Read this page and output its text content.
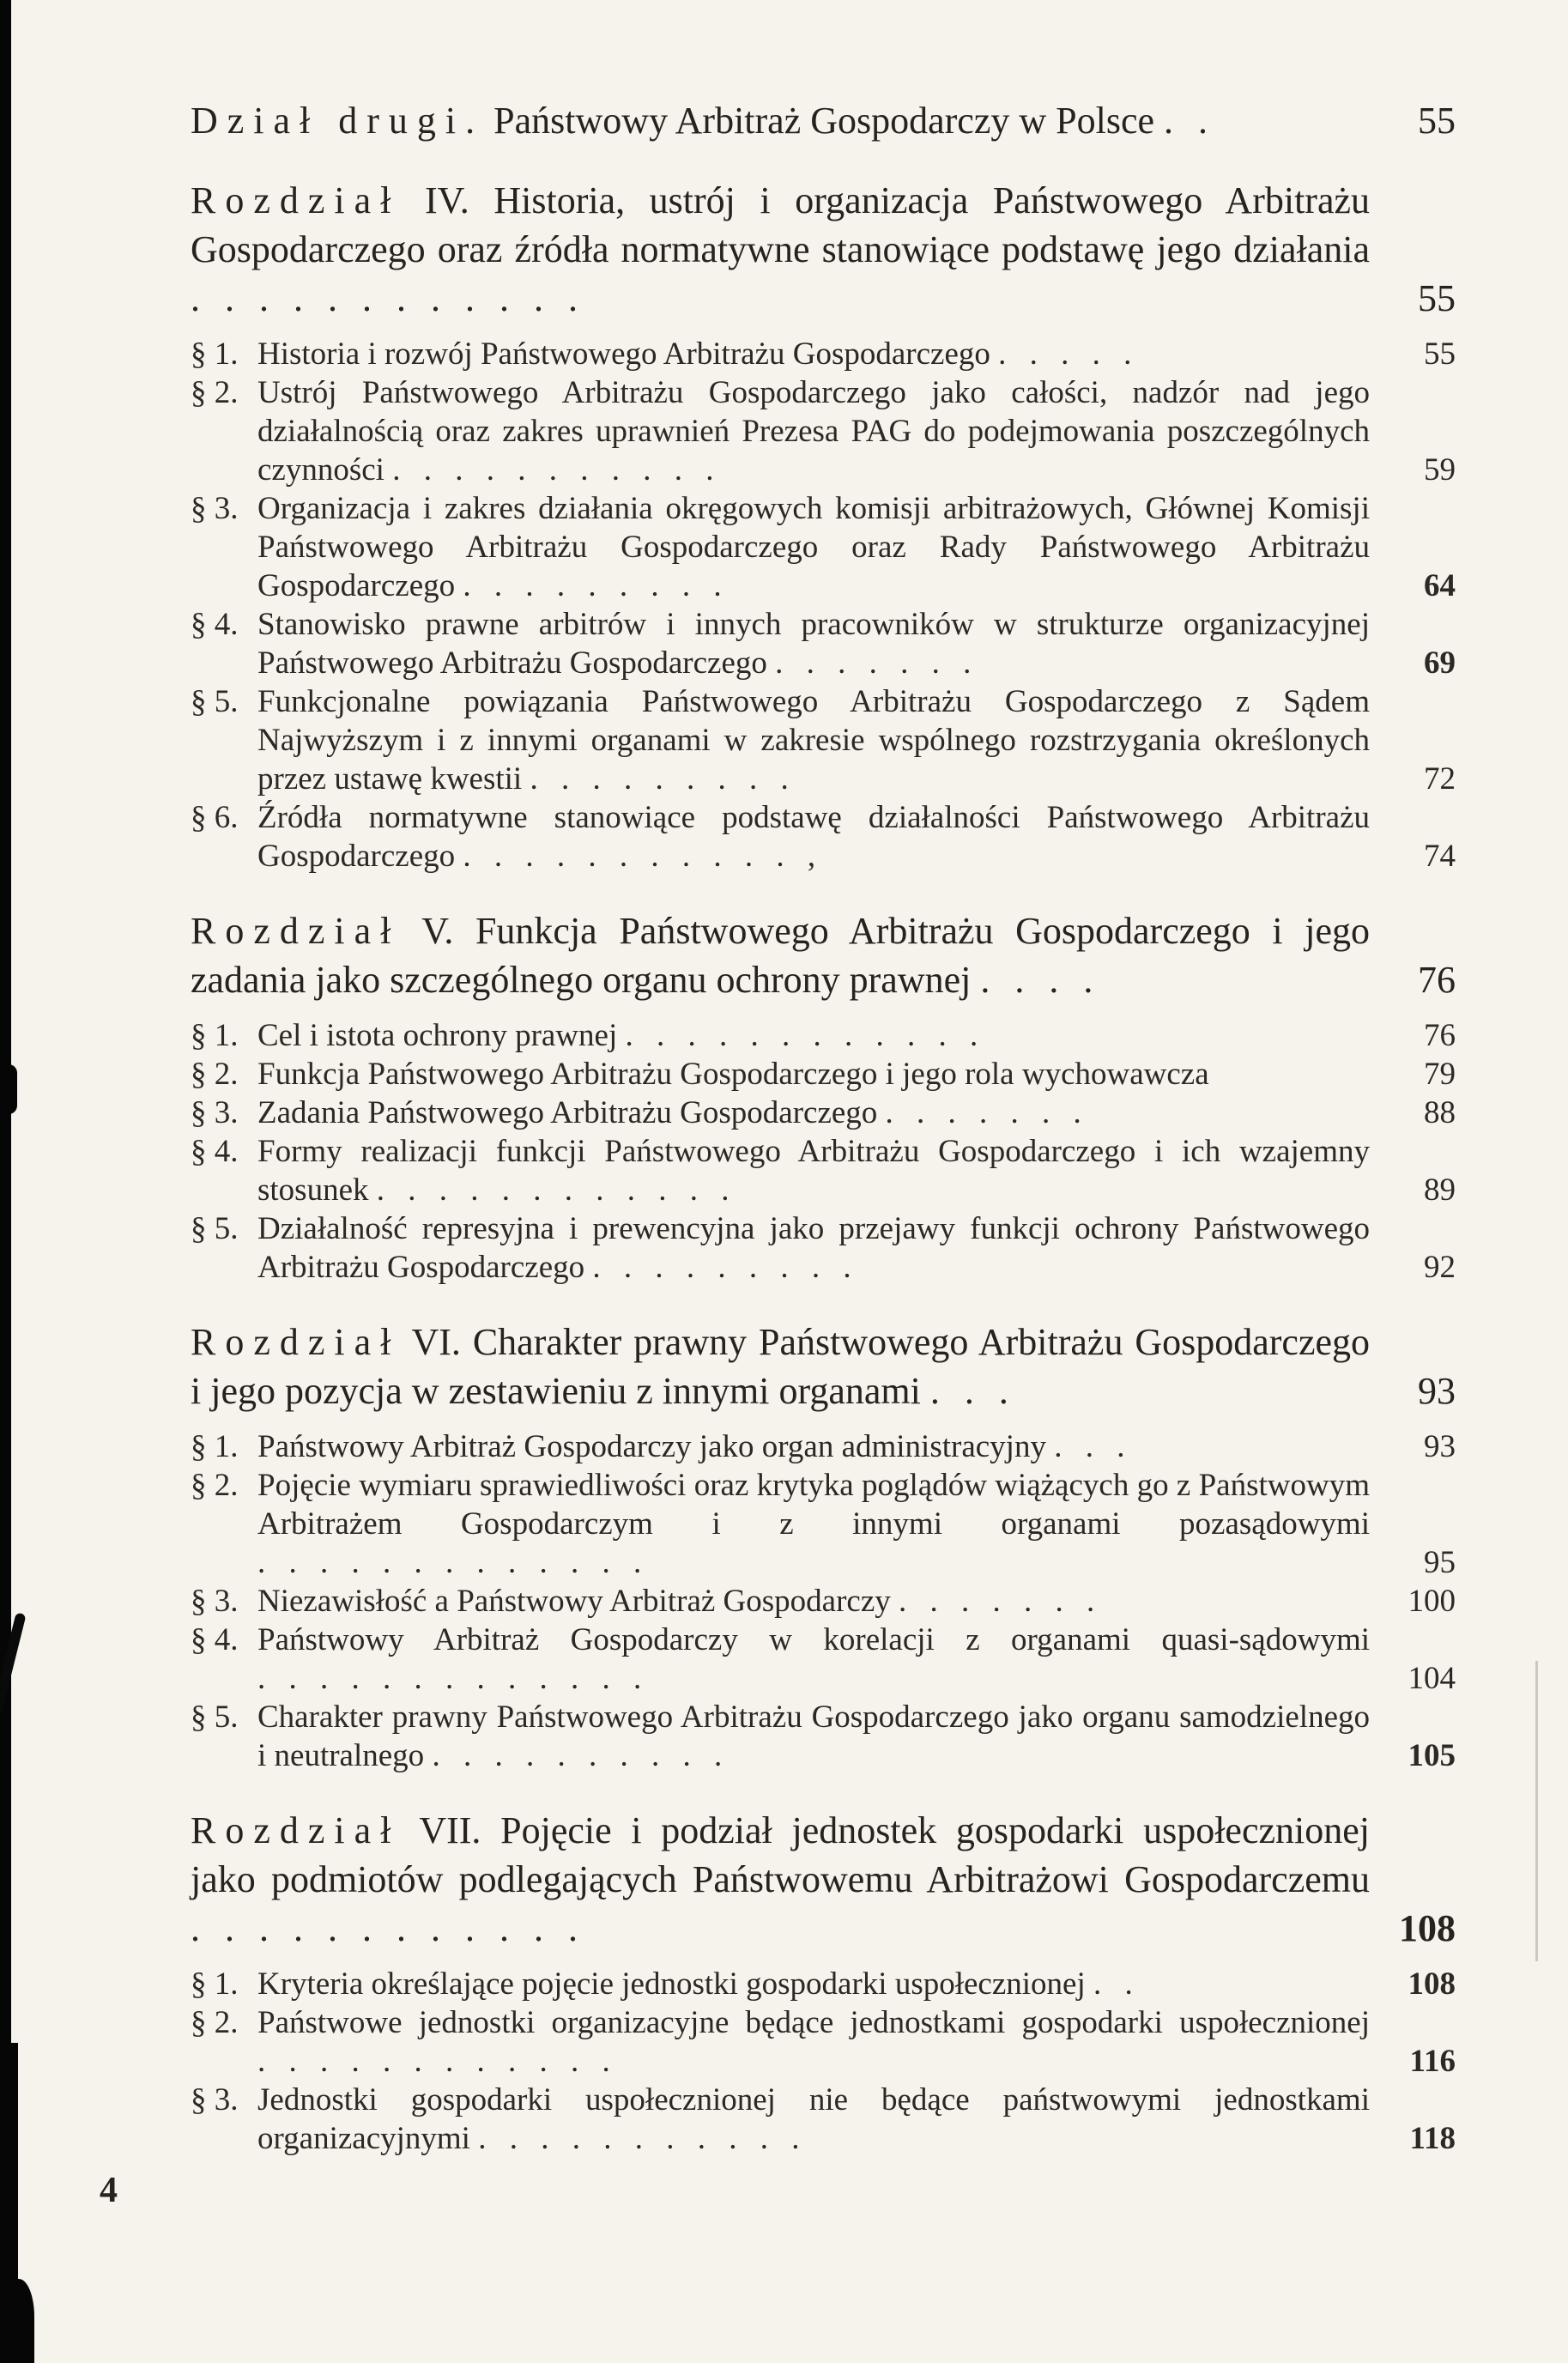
Dział drugi. Państwowy Arbitraż Gospodarczy w Polsce . .	55

Rozdział IV. Historia, ustrój i organizacja Państwowego Arbitrażu Gospodarczego oraz źródła normatywne stanowiące podstawę jego działania . . . . . . . . . . . .	55

§ 1. Historia i rozwój Państwowego Arbitrażu Gospodarczego . . . . .	55

§ 2. Ustrój Państwowego Arbitrażu Gospodarczego jako całości, nadzór nad jego działalnością oraz zakres uprawnień Prezesa PAG do podejmowania poszczególnych czynności . . . . . . . . . . .	59

§ 3. Organizacja i zakres działania okręgowych komisji arbitrażowych, Głównej Komisji Państwowego Arbitrażu Gospodarczego oraz Rady Państwowego Arbitrażu Gospodarczego . . . . . . . . .	64

§ 4. Stanowisko prawne arbitrów i innych pracowników w strukturze organizacyjnej Państwowego Arbitrażu Gospodarczego . . . . . . .	69

§ 5. Funkcjonalne powiązania Państwowego Arbitrażu Gospodarczego z Sądem Najwyższym i z innymi organami w zakresie wspólnego rozstrzygania określonych przez ustawę kwestii . . . . . . . . .	72

§ 6. Źródła normatywne stanowiące podstawę działalności Państwowego Arbitrażu Gospodarczego . . . . . . . . . . . ,	74

Rozdział V. Funkcja Państwowego Arbitrażu Gospodarczego i jego zadania jako szczególnego organu ochrony prawnej . . . .	76

§ 1. Cel i istota ochrony prawnej . . . . . . . . . . . .	76

§ 2. Funkcja Państwowego Arbitrażu Gospodarczego i jego rola wychowawcza	79

§ 3. Zadania Państwowego Arbitrażu Gospodarczego . . . . . . .	88

§ 4. Formy realizacji funkcji Państwowego Arbitrażu Gospodarczego i ich wzajemny stosunek . . . . . . . . . . . .	89

§ 5. Działalność represyjna i prewencyjna jako przejawy funkcji ochrony Państwowego Arbitrażu Gospodarczego . . . . . . . . .	92

Rozdział VI. Charakter prawny Państwowego Arbitrażu Gospodarczego i jego pozycja w zestawieniu z innymi organami . . .	93

§ 1. Państwowy Arbitraż Gospodarczy jako organ administracyjny . . .	93

§ 2. Pojęcie wymiaru sprawiedliwości oraz krytyka poglądów wiążących go z Państwowym Arbitrażem Gospodarczym i z innymi organami pozasądowymi . . . . . . . . . . . . .	95

§ 3. Niezawisłość a Państwowy Arbitraż Gospodarczy . . . . . . .	100

§ 4. Państwowy Arbitraż Gospodarczy w korelacji z organami quasi-sądowymi . . . . . . . . . . . . .	104

§ 5. Charakter prawny Państwowego Arbitrażu Gospodarczego jako organu samodzielnego i neutralnego . . . . . . . . . .	105

Rozdział VII. Pojęcie i podział jednostek gospodarki uspołecznionej jako podmiotów podlegających Państwowemu Arbitrażowi Gospodarczemu . . . . . . . . . . . .	108

§ 1. Kryteria określające pojęcie jednostki gospodarki uspołecznionej . .	108

§ 2. Państwowe jednostki organizacyjne będące jednostkami gospodarki uspołecznionej . . . . . . . . . . . .	116

§ 3. Jednostki gospodarki uspołecznionej nie będące państwowymi jednostkami organizacyjnymi . . . . . . . . . . .	118

4
